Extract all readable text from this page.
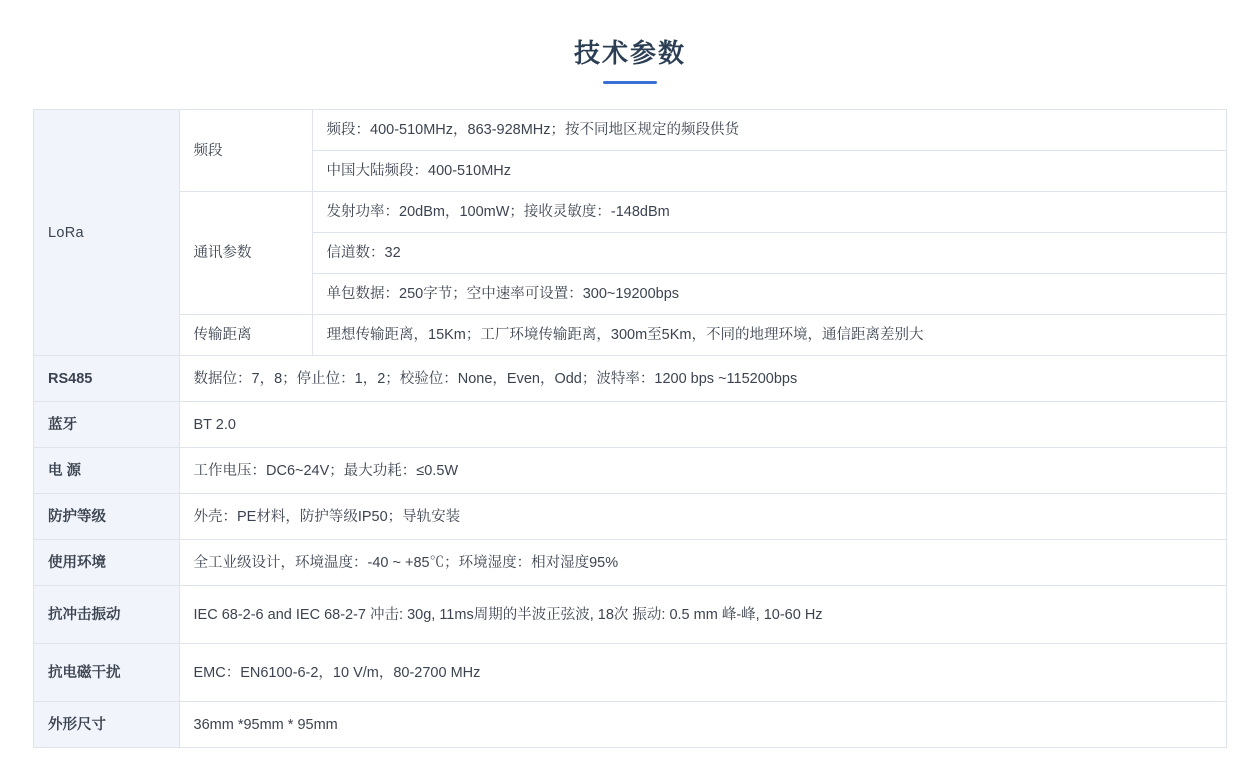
技术参数
LoRa	频段	频段：400-510MHz，863-928MHz；按不同地区规定的频段供货
		中国大陆频段：400-510MHz
	通讯参数	发射功率：20dBm，100mW；接收灵敏度：-148dBm
		信道数：32
		单包数据：250字节；空中速率可设置：300~19200bps
	传输距离	理想传输距离，15Km；工厂环境传输距离，300m至5Km，不同的地理环境，通信距离差别大
RS485	数据位：7，8；停止位：1，2；校验位：None，Even，Odd；波特率：1200 bps ~115200bps	
蓝牙	BT 2.0	
电 源	工作电压：DC6~24V；最大功耗：≤0.5W	
防护等级	外壳：PE材料，防护等级IP50；导轨安装	
使用环境	全工业级设计，环境温度：-40 ~ +85℃；环境湿度：相对湿度95%	
抗冲击振动	IEC 68-2-6 and IEC 68-2-7 冲击: 30g, 11ms周期的半波正弦波, 18次 振动: 0.5 mm 峰-峰, 10-60 Hz	
抗电磁干扰	EMC：EN6100-6-2，10 V/m，80-2700 MHz	
外形尺寸	36mm *95mm * 95mm	
